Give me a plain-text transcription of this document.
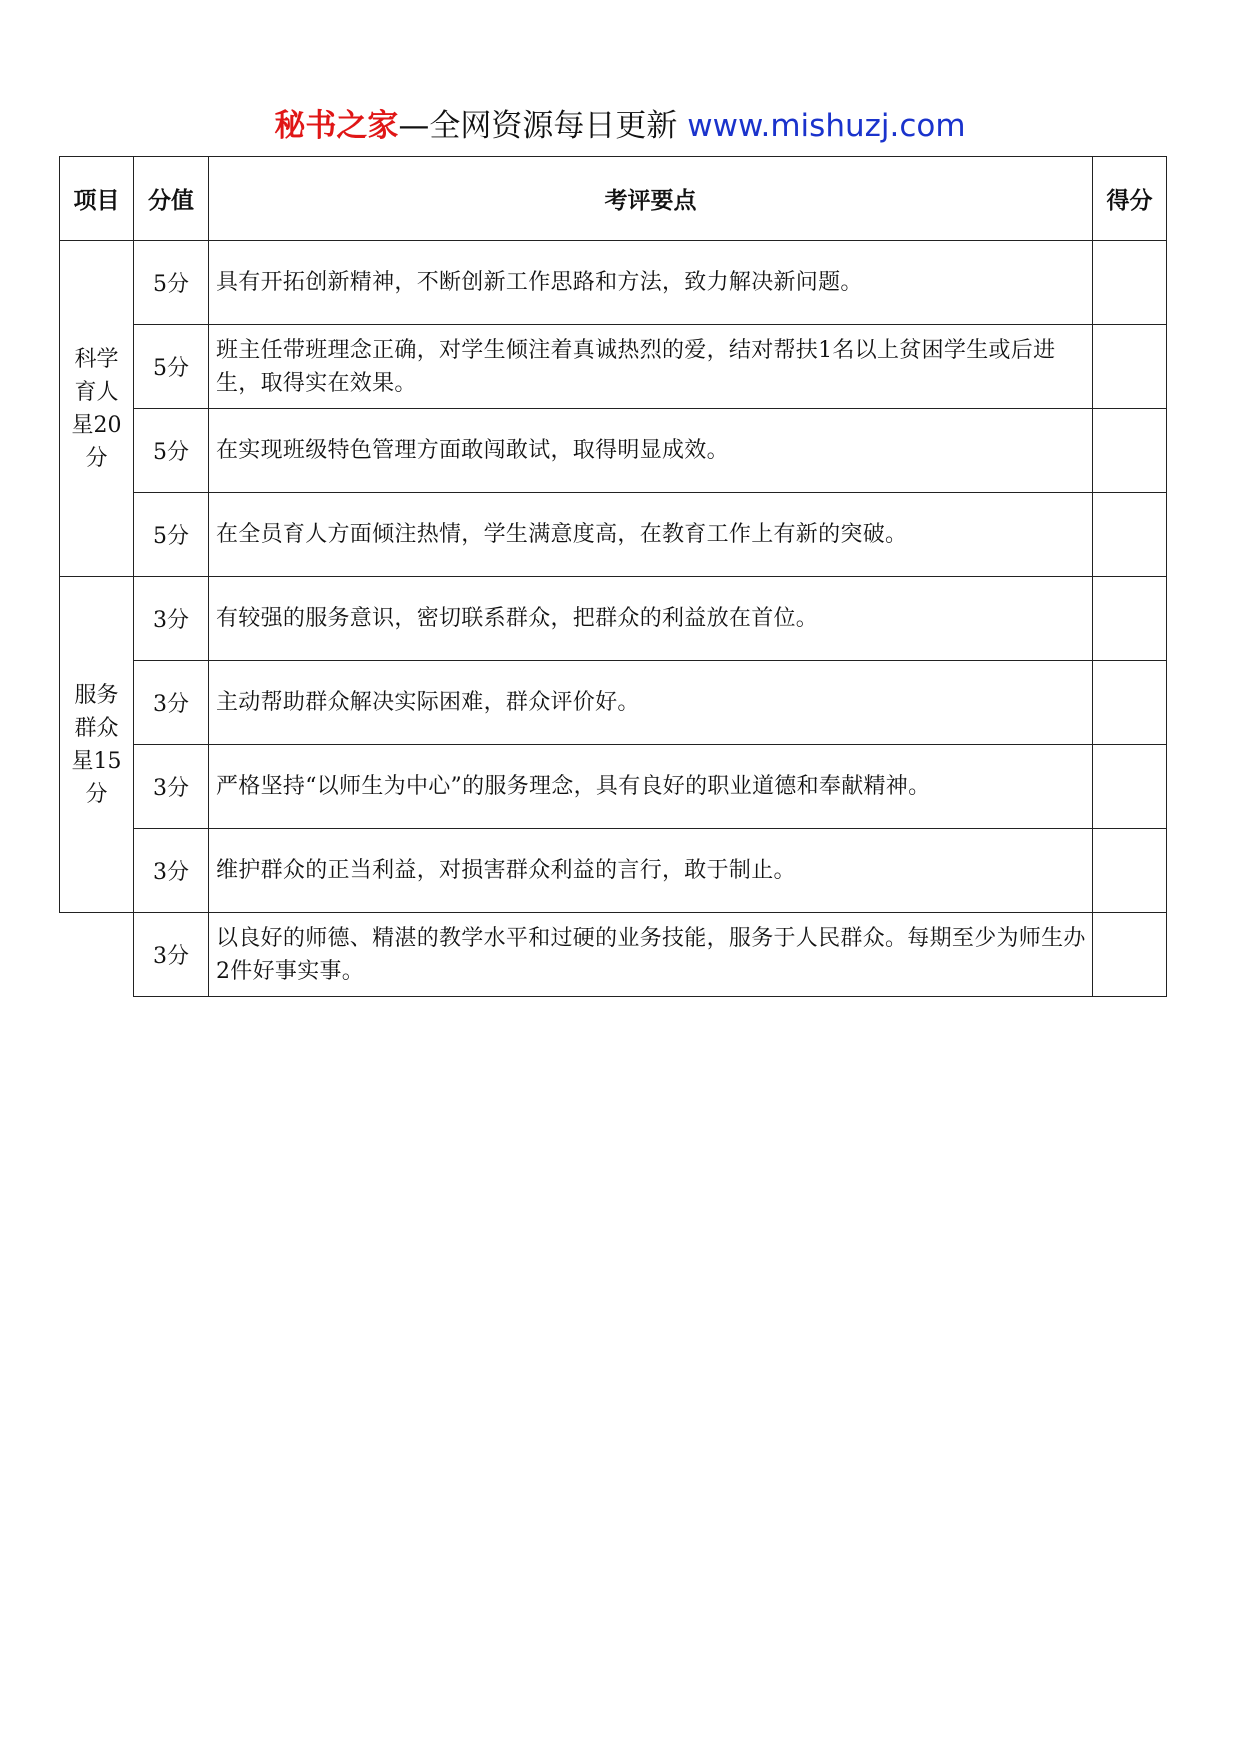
秘书之家—全网资源每日更新 www.mishuzj.com
项目	分值	考评要点	得分
科学育人星20分	5分	具有开拓创新精神，不断创新工作思路和方法，致力解决新问题。	
	5分	班主任带班理念正确，对学生倾注着真诚热烈的爱，结对帮扶1名以上贫困学生或后进生，取得实在效果。	
	5分	在实现班级特色管理方面敢闯敢试，取得明显成效。	
	5分	在全员育人方面倾注热情，学生满意度高，在教育工作上有新的突破。	
服务群众星15分	3分	有较强的服务意识，密切联系群众，把群众的利益放在首位。	
	3分	主动帮助群众解决实际困难，群众评价好。	
	3分	严格坚持“以师生为中心”的服务理念，具有良好的职业道德和奉献精神。	
	3分	维护群众的正当利益，对损害群众利益的言行，敢于制止。	
	3分	以良好的师德、精湛的教学水平和过硬的业务技能，服务于人民群众。每期至少为师生办2件好事实事。	
